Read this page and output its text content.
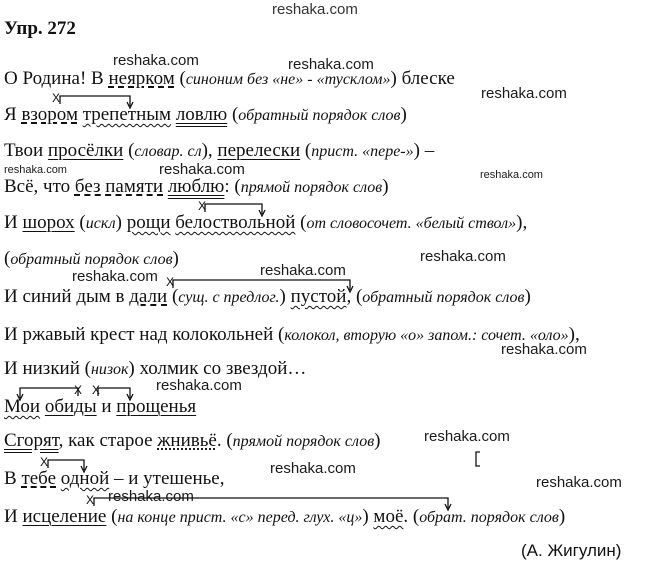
reshaka.com
Упр. 272
reshaka.com	reshaka.com
reshaka.com
reshaka.com	reshaka.com	reshaka.com
reshaka.com
reshaka.com
reshaka.com
reshaka.com
reshaka.com
reshaka.com
reshaka.com
reshaka.com
reshaka.com
О Родина! В неярком (синоним без «не» - «тусклом») блеске
Я взором трепетным ловлю (обратный порядок слов)
Твои просёлки (словар. сл), перелески (прист. «пере-») –
Всё, что без памяти люблю: (прямой порядок слов)
И шорох (искл) рощи белоствольной (от словосочет. «белый ствол»),
(обратный порядок слов)
И синий дым в дали (сущ. с предлог.) пустой, (обратный порядок слов)
И ржавый крест над колокольней (колокол, вторую «о» запом.: сочет. «оло»),
И низкий (низок) холмик со звездой…
Мои обиды и прощенья
Сгорят, как старое жнивьё. (прямой порядок слов)
В тебе одной – и утешенье,
И исцеление (на конце прист. «с» перед. глух. «ц») моё. (обрат. порядок слов)
(А. Жигулин)
Х
Х
Х
Х Х
Х
Х
